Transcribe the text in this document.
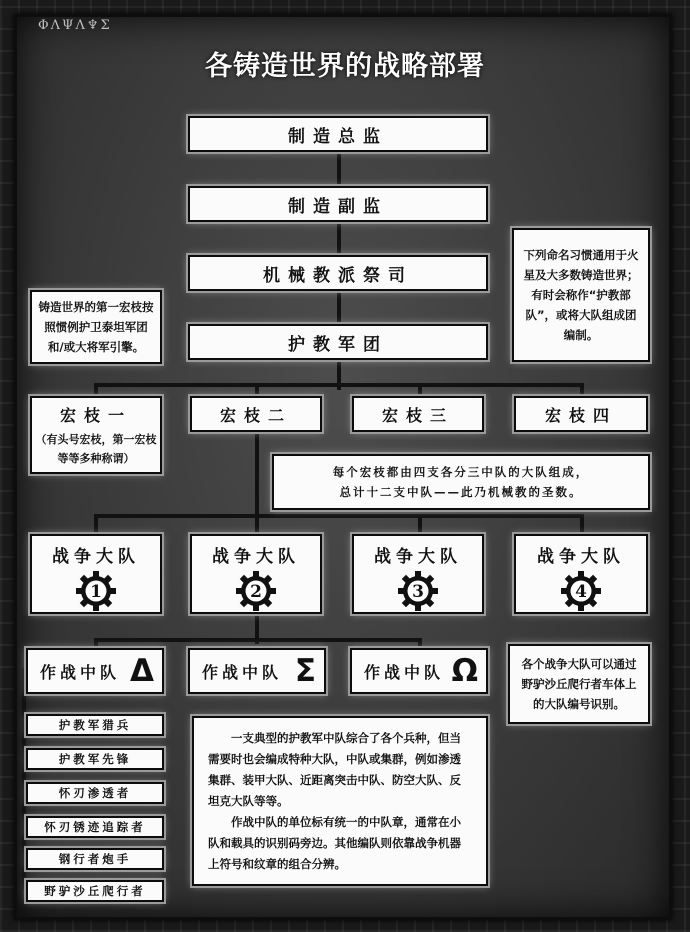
ΦΛΨΛ♆Σ
各铸造世界的战略部署
制造总监
制造副监
机械教派祭司
护教军团
铸造世界的第一宏枝按照惯例护卫泰坦军团和/或大将军引擎。
下列命名习惯通用于火星及大多数铸造世界；有时会称作“护教部队”，或将大队组成团编制。
宏枝一
（有头号宏枝，第一宏枝等等多种称谓）
宏枝二	宏枝三	宏枝四
每个宏枝都由四支各分三中队的大队组成，
总计十二支中队——此乃机械教的圣数。
战争大队
1
战争大队
2
战争大队
3
战争大队
4
各个战争大队可以通过野驴沙丘爬行者车体上的大队编号识别。
作战中队 Δ	作战中队 Σ	作战中队 Ω
护教军猎兵
护教军先锋
怀刃渗透者
怀刃锈迹追踪者
钢行者炮手
野驴沙丘爬行者

一支典型的护教军中队综合了各个兵种，但当需要时也会编成特种大队，中队或集群，例如渗透集群、装甲大队、近距离突击中队、防空大队、反坦克大队等等。

作战中队的单位标有统一的中队章，通常在小队和载具的识别码旁边。其他编队则依靠战争机器上符号和纹章的组合分辨。
